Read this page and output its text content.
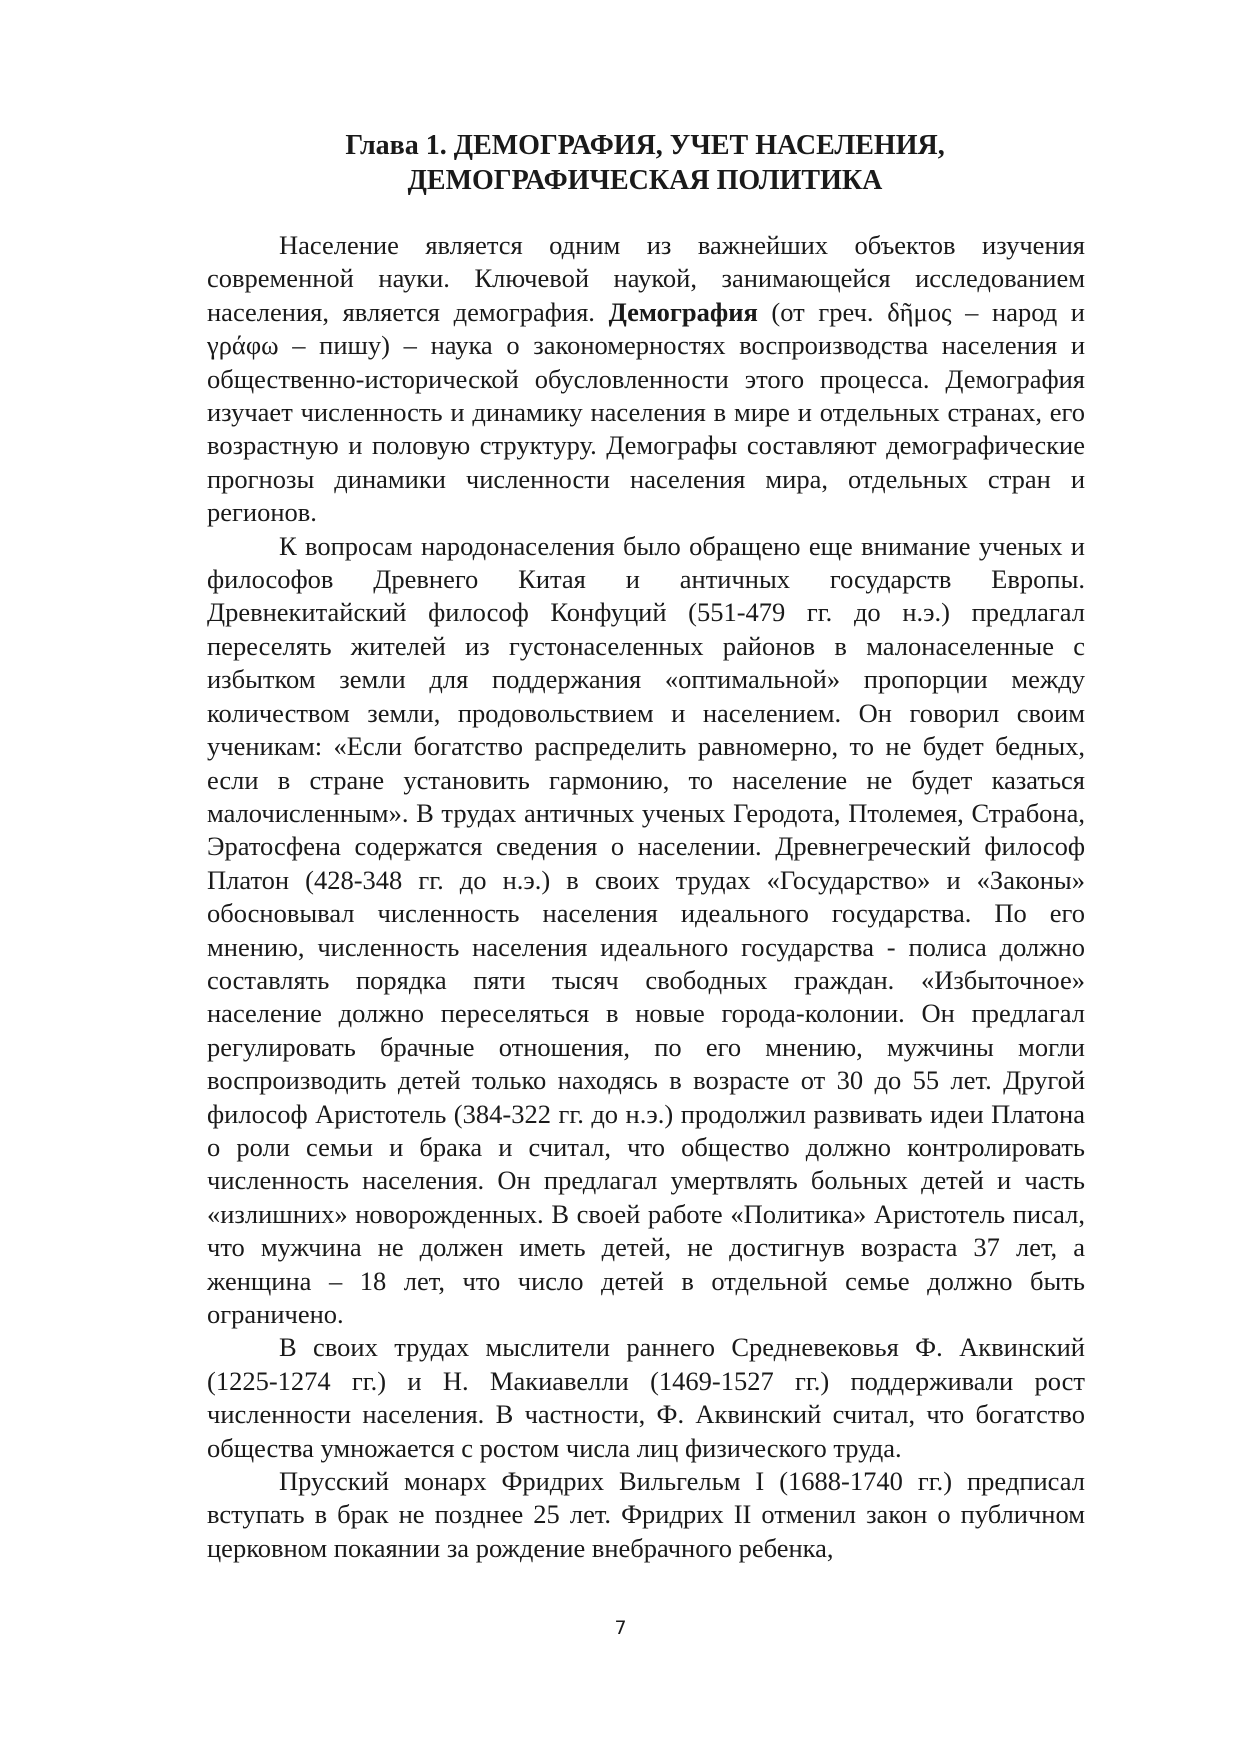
Глава 1. ДЕМОГРАФИЯ, УЧЕТ НАСЕЛЕНИЯ,
ДЕМОГРАФИЧЕСКАЯ ПОЛИТИКА

Население является одним из важнейших объектов изучения современной науки. Ключевой наукой, занимающейся исследованием населения, является демография. Демография (от греч. δῆμος – народ и γράφω – пишу) – наука о закономерностях воспроизводства населения и общественно-исторической обусловленности этого процесса. Демография изучает численность и динамику населения в мире и отдельных странах, его возрастную и половую структуру. Демографы составляют демографические прогнозы динамики численности населения мира, отдельных стран и регионов.

К вопросам народонаселения было обращено еще внимание ученых и философов Древнего Китая и античных государств Европы. Древнекитайский философ Конфуций (551-479 гг. до н.э.) предлагал переселять жителей из густонаселенных районов в малонаселенные с избытком земли для поддержания «оптимальной» пропорции между количеством земли, продовольствием и населением. Он говорил своим ученикам: «Если богатство распределить равномерно, то не будет бедных, если в стране установить гармонию, то население не будет казаться малочисленным». В трудах античных ученых Геродота, Птолемея, Страбона, Эратосфена содержатся сведения о населении. Древнегреческий философ Платон (428-348 гг. до н.э.) в своих трудах «Государство» и «Законы» обосновывал численность населения идеального государства. По его мнению, численность населения идеального государства - полиса должно составлять порядка пяти тысяч свободных граждан. «Избыточное» население должно переселяться в новые города-колонии. Он предлагал регулировать брачные отношения, по его мнению, мужчины могли воспроизводить детей только находясь в возрасте от 30 до 55 лет. Другой философ Аристотель (384-322 гг. до н.э.) продолжил развивать идеи Платона о роли семьи и брака и считал, что общество должно контролировать численность населения. Он предлагал умертвлять больных детей и часть «излишних» новорожденных. В своей работе «Политика» Аристотель писал, что мужчина не должен иметь детей, не достигнув возраста 37 лет, а женщина – 18 лет, что число детей в отдельной семье должно быть ограничено.

В своих трудах мыслители раннего Средневековья Ф. Аквинский (1225-1274 гг.) и Н. Макиавелли (1469-1527 гг.) поддерживали рост численности населения. В частности, Ф. Аквинский считал, что богатство общества умножается с ростом числа лиц физического труда.

Прусский монарх Фридрих Вильгельм I (1688-1740 гг.) предписал вступать в брак не позднее 25 лет. Фридрих II отменил закон о публичном церковном покаянии за рождение внебрачного ребенка,

7
